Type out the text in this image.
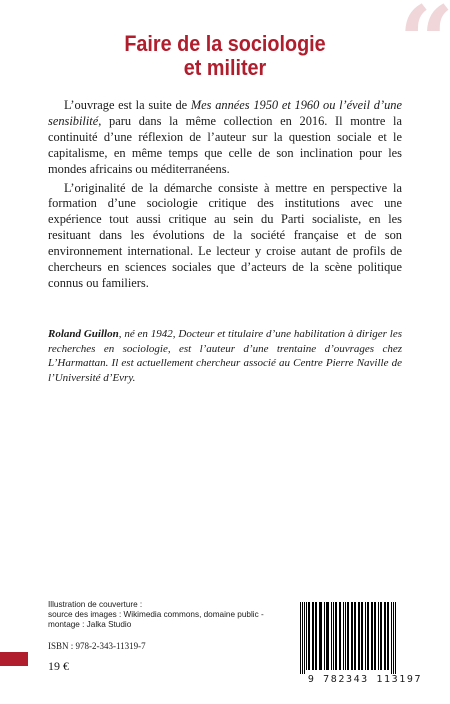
“
Faire de la sociologie
et militer

L’ouvrage est la suite de Mes années 1950 et 1960 ou l’éveil d’une sensibilité, paru dans la même collection en 2016. Il montre la continuité d’une réflexion de l’auteur sur la question sociale et le capitalisme, en même temps que celle de son inclination pour les mondes africains ou méditerranéens.

L’originalité de la démarche consiste à mettre en perspective la formation d’une sociologie critique des institutions avec une expérience tout aussi critique au sein du Parti socialiste, en les resituant dans les évolutions de la société française et de son environnement international. Le lecteur y croise autant de profils de chercheurs en sciences sociales que d’acteurs de la scène politique connus ou familiers.

Roland Guillon, né en 1942, Docteur et titulaire d’une habilitation à diriger les recherches en sociologie, est l’auteur d’une trentaine d’ouvrages chez L’Harmattan. Il est actuellement chercheur associé au Centre Pierre Naville de l’Université d’Evry.
Illustration de couverture :
source des images : Wikimedia commons, domaine public - montage : Jalka Studio
ISBN : 978-2-343-11319-7
19 €
9 782343 113197
